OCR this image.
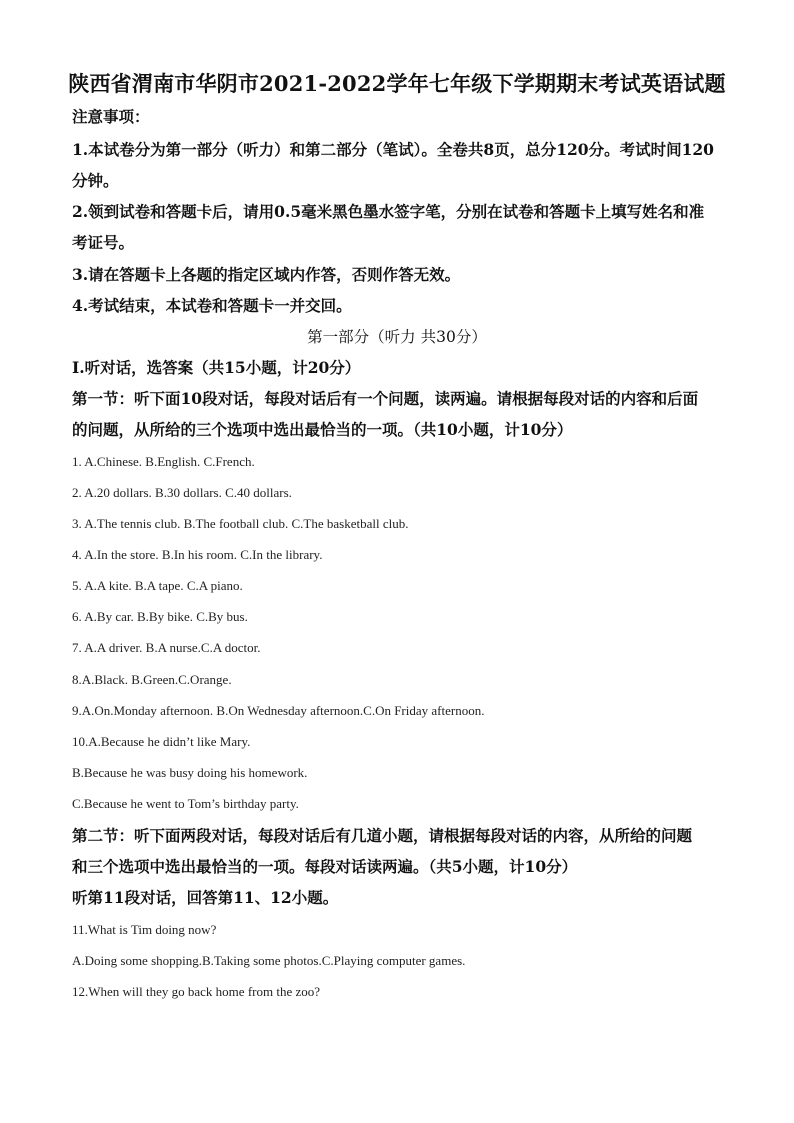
陕西省渭南市华阴市2021-2022学年七年级下学期期末考试英语试题
注意事项：
1.本试卷分为第一部分（听力）和第二部分（笔试）。全卷共8页，总分120分。考试时间120
分钟。
2.领到试卷和答题卡后，请用0.5毫米黑色墨水签字笔，分别在试卷和答题卡上填写姓名和准
考证号。
3.请在答题卡上各题的指定区域内作答，否则作答无效。
4.考试结束，本试卷和答题卡一并交回。
第一部分（听力 共30分）
Ⅰ.听对话，选答案（共15小题，计20分）
第一节：听下面10段对话，每段对话后有一个问题，读两遍。请根据每段对话的内容和后面
的问题，从所给的三个选项中选出最恰当的一项。（共10小题，计10分）
1. A.Chinese. B.English. C.French.
2. A.20 dollars. B.30 dollars. C.40 dollars.
3. A.The tennis club. B.The football club. C.The basketball club.
4. A.In the store. B.In his room. C.In the library.
5. A.A kite. B.A tape. C.A piano.
6. A.By car. B.By bike. C.By bus.
7. A.A driver. B.A nurse.C.A doctor.
8.A.Black. B.Green.C.Orange.
9.A.On.Monday afternoon. B.On Wednesday afternoon.C.On Friday afternoon.
10.A.Because he didn’t like Mary.
B.Because he was busy doing his homework.
C.Because he went to Tom’s birthday party.
第二节：听下面两段对话，每段对话后有几道小题，请根据每段对话的内容，从所给的问题
和三个选项中选出最恰当的一项。每段对话读两遍。（共5小题，计10分）
听第11段对话，回答第11、12小题。
11.What is Tim doing now?
A.Doing some shopping.B.Taking some photos.C.Playing computer games.
12.When will they go back home from the zoo?
